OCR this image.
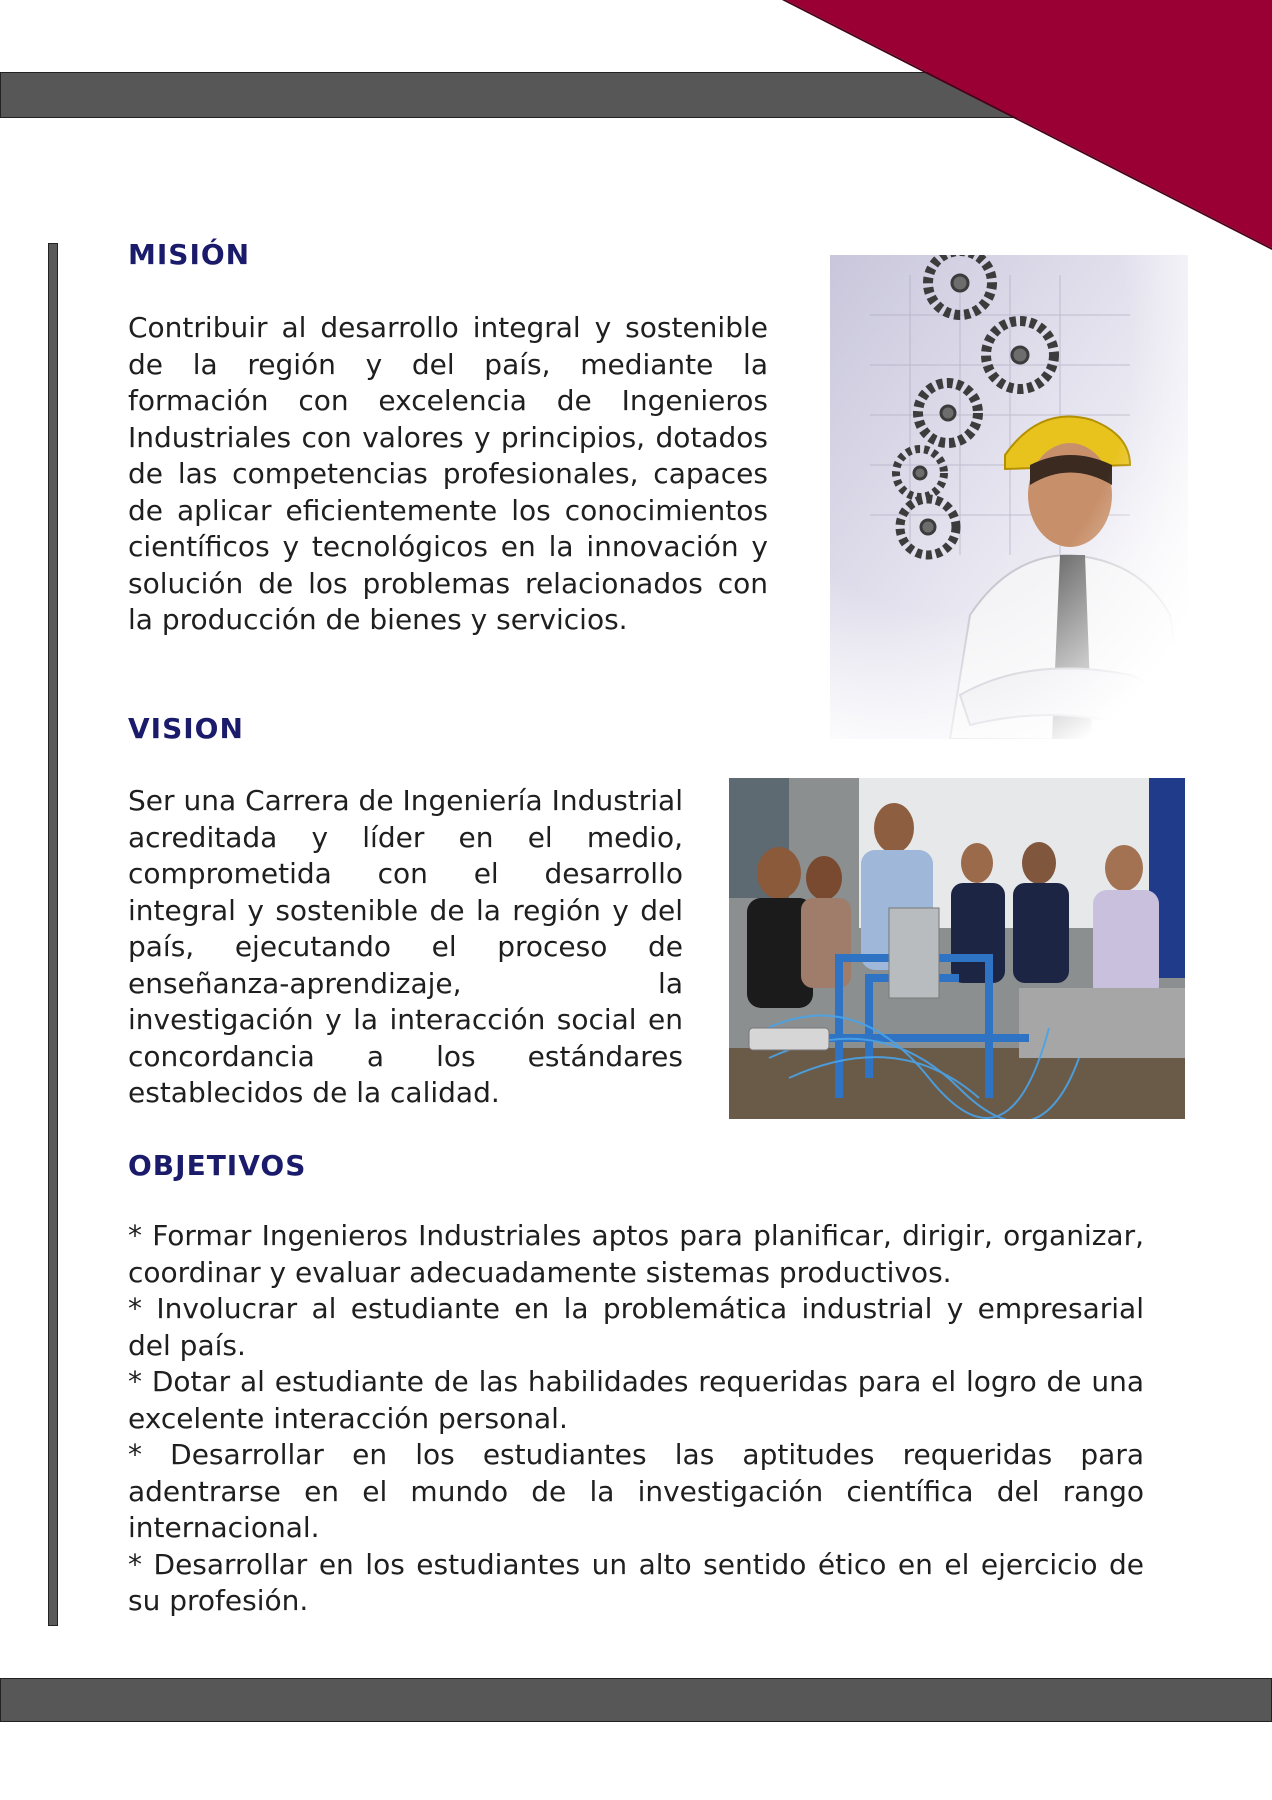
MISIÓN

Contribuir al desarrollo integral y sostenible de la región y del país, mediante la formación con excelencia de Ingenieros Industriales con valores y principios, dotados de las competencias profesionales, capaces de aplicar eficientemente los conocimientos científicos y tecnológicos en la innovación y solución de los problemas relacionados con la producción de bienes y servicios.

VISION

Ser una Carrera de Ingeniería Industrial acreditada y líder en el medio, comprometida con el desarrollo integral y sostenible de la región y del país, ejecutando el proceso de enseñanza-aprendizaje, la investigación y la interacción social en concordancia a los estándares establecidos de la calidad.

OBJETIVOS
* Formar Ingenieros Industriales aptos para planificar, dirigir, organizar, coordinar y evaluar adecuadamente sistemas productivos.
* Involucrar al estudiante en la problemática industrial y empresarial del país.
* Dotar al estudiante de las habilidades requeridas para el logro de una excelente interacción personal.
* Desarrollar en los estudiantes las aptitudes requeridas para adentrarse en el mundo de la investigación científica del rango internacional.
* Desarrollar en los estudiantes un alto sentido ético en el ejercicio de su profesión.
